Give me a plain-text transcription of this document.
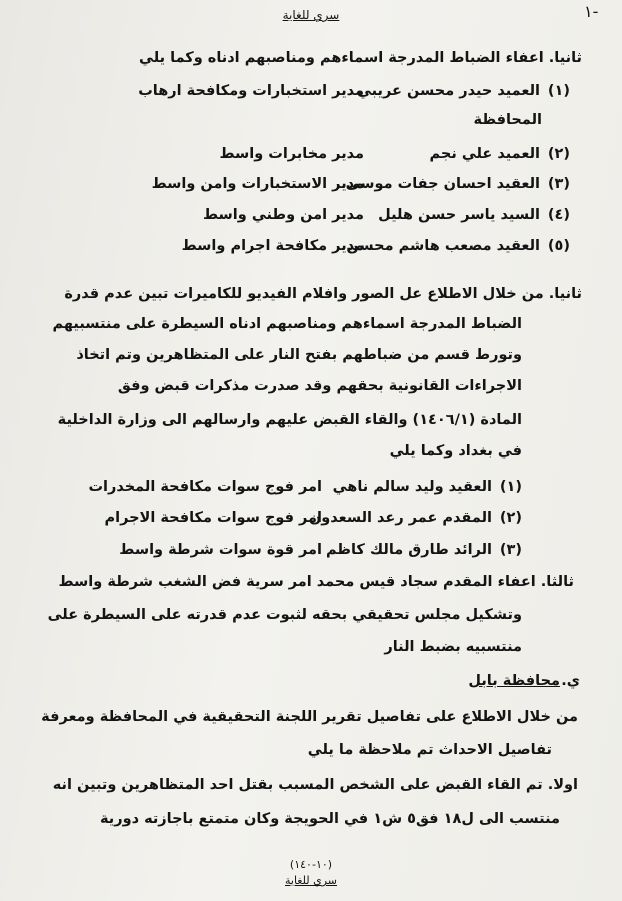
سري للغاية	١-
ثانيا. اعفاء الضباط المدرجة اسماءهم ومناصبهم ادناه وكما يلي
(١)
العميد حيدر محسن عريبي
مدير استخبارات ومكافحة ارهاب
المحافظة
(٢)
العميد علي نجم
مدير مخابرات واسط
(٣)
العقيد احسان جفات موسى
مدير الاستخبارات وامن واسط
(٤)
السيد ياسر حسن هليل
مدير امن وطني واسط
(٥)
العقيد مصعب هاشم محسن
مدير مكافحة اجرام واسط
ثانيا. من خلال الاطلاع عل الصور وافلام الفيديو للكاميرات تبين عدم قدرة
الضباط المدرجة اسماءهم ومناصبهم ادناه السيطرة على منتسبيهم
وتورط قسم من ضباطهم بفتح النار على المتظاهرين وتم اتخاذ
الاجراءات القانونية بحقهم وقد صدرت مذكرات قبض وفق
المادة (١٤٠٦/١) والقاء القبض عليهم وارسالهم الى وزارة الداخلية
في بغداد وكما يلي
(١)
العقيد وليد سالم ناهي
امر فوج سوات مكافحة المخدرات
(٢)
المقدم عمر رعد السعدون
امر فوج سوات مكافحة الاجرام
(٣)
الرائد طارق مالك كاظم
امر قوة سوات شرطة واسط
ثالثا. اعفاء المقدم سجاد قيس محمد امر سرية فض الشغب شرطة واسط
وتشكيل مجلس تحقيقي بحقه لثبوت عدم قدرته على السيطرة على
منتسبيه بضبط النار
ي.
محافظة بابل
من خلال الاطلاع على تفاصيل تقرير اللجنة التحقيقية في المحافظة ومعرفة
تفاصيل الاحداث تم ملاحظة ما يلي
اولا. تم القاء القبض على الشخص المسبب بقتل احد المتظاهرين وتبين انه
منتسب الى ل١٨ فق٥ ش١ في الحويجة وكان متمتع باجازته دورية
(١٠-١٤٠)
سري للغاية
